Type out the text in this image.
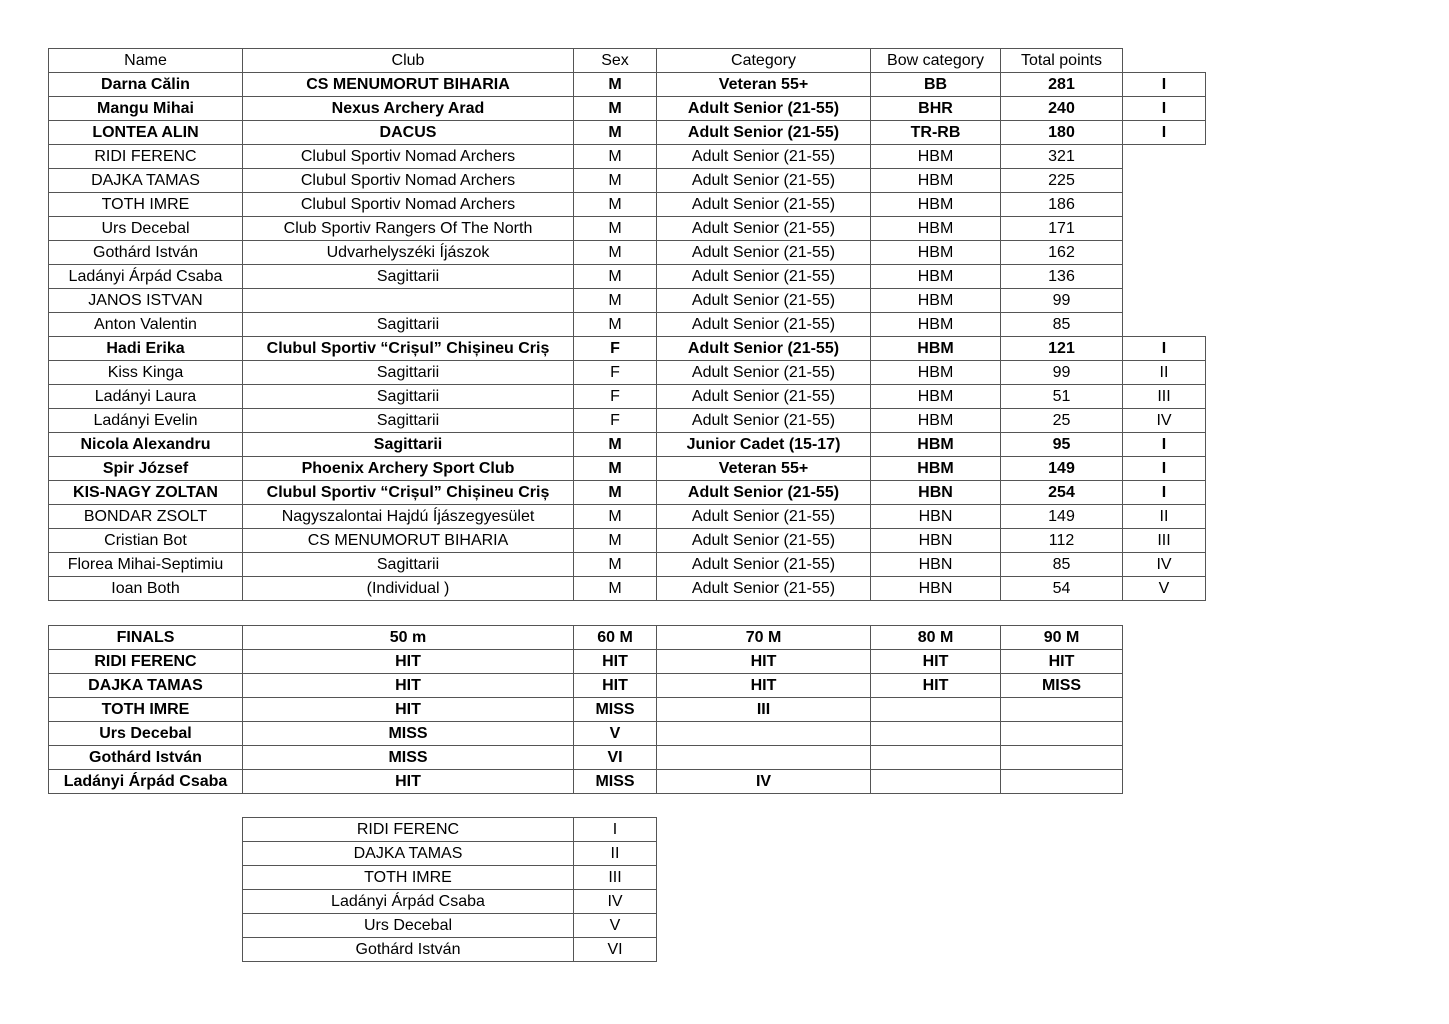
Name	Club	Sex	Category	Bow category	Total points	
Darna Călin	CS MENUMORUT BIHARIA	M	Veteran 55+	BB	281	I
Mangu Mihai	Nexus Archery Arad	M	Adult Senior (21-55)	BHR	240	I
LONTEA ALIN	DACUS	M	Adult Senior (21-55)	TR-RB	180	I
RIDI FERENC	Clubul Sportiv Nomad Archers	M	Adult Senior (21-55)	HBM	321	
DAJKA TAMAS	Clubul Sportiv Nomad Archers	M	Adult Senior (21-55)	HBM	225	
TOTH IMRE	Clubul Sportiv Nomad Archers	M	Adult Senior (21-55)	HBM	186	
Urs Decebal	Club Sportiv Rangers Of The North	M	Adult Senior (21-55)	HBM	171	
Gothárd István	Udvarhelyszéki Íjászok	M	Adult Senior (21-55)	HBM	162	
Ladányi Árpád Csaba	Sagittarii	M	Adult Senior (21-55)	HBM	136	
JANOS ISTVAN		M	Adult Senior (21-55)	HBM	99	
Anton Valentin	Sagittarii	M	Adult Senior (21-55)	HBM	85	
Hadi Erika	Clubul Sportiv “Crișul” Chișineu Criș	F	Adult Senior (21-55)	HBM	121	I
Kiss Kinga	Sagittarii	F	Adult Senior (21-55)	HBM	99	II
Ladányi Laura	Sagittarii	F	Adult Senior (21-55)	HBM	51	III
Ladányi Evelin	Sagittarii	F	Adult Senior (21-55)	HBM	25	IV
Nicola Alexandru	Sagittarii	M	Junior Cadet (15-17)	HBM	95	I
Spir József	Phoenix Archery Sport Club	M	Veteran 55+	HBM	149	I
KIS-NAGY ZOLTAN	Clubul Sportiv “Crișul” Chișineu Criș	M	Adult Senior (21-55)	HBN	254	I
BONDAR ZSOLT	Nagyszalontai Hajdú Íjászegyesület	M	Adult Senior (21-55)	HBN	149	II
Cristian Bot	CS MENUMORUT BIHARIA	M	Adult Senior (21-55)	HBN	112	III
Florea Mihai-Septimiu	Sagittarii	M	Adult Senior (21-55)	HBN	85	IV
Ioan Both	(Individual )	M	Adult Senior (21-55)	HBN	54	V
FINALS	50 m	60 M	70 M	80 M	90 M
RIDI FERENC	HIT	HIT	HIT	HIT	HIT
DAJKA TAMAS	HIT	HIT	HIT	HIT	MISS
TOTH IMRE	HIT	MISS	III		
Urs Decebal	MISS	V			
Gothárd István	MISS	VI			
Ladányi Árpád Csaba	HIT	MISS	IV		
RIDI FERENC	I
DAJKA TAMAS	II
TOTH IMRE	III
Ladányi Árpád Csaba	IV
Urs Decebal	V
Gothárd István	VI
